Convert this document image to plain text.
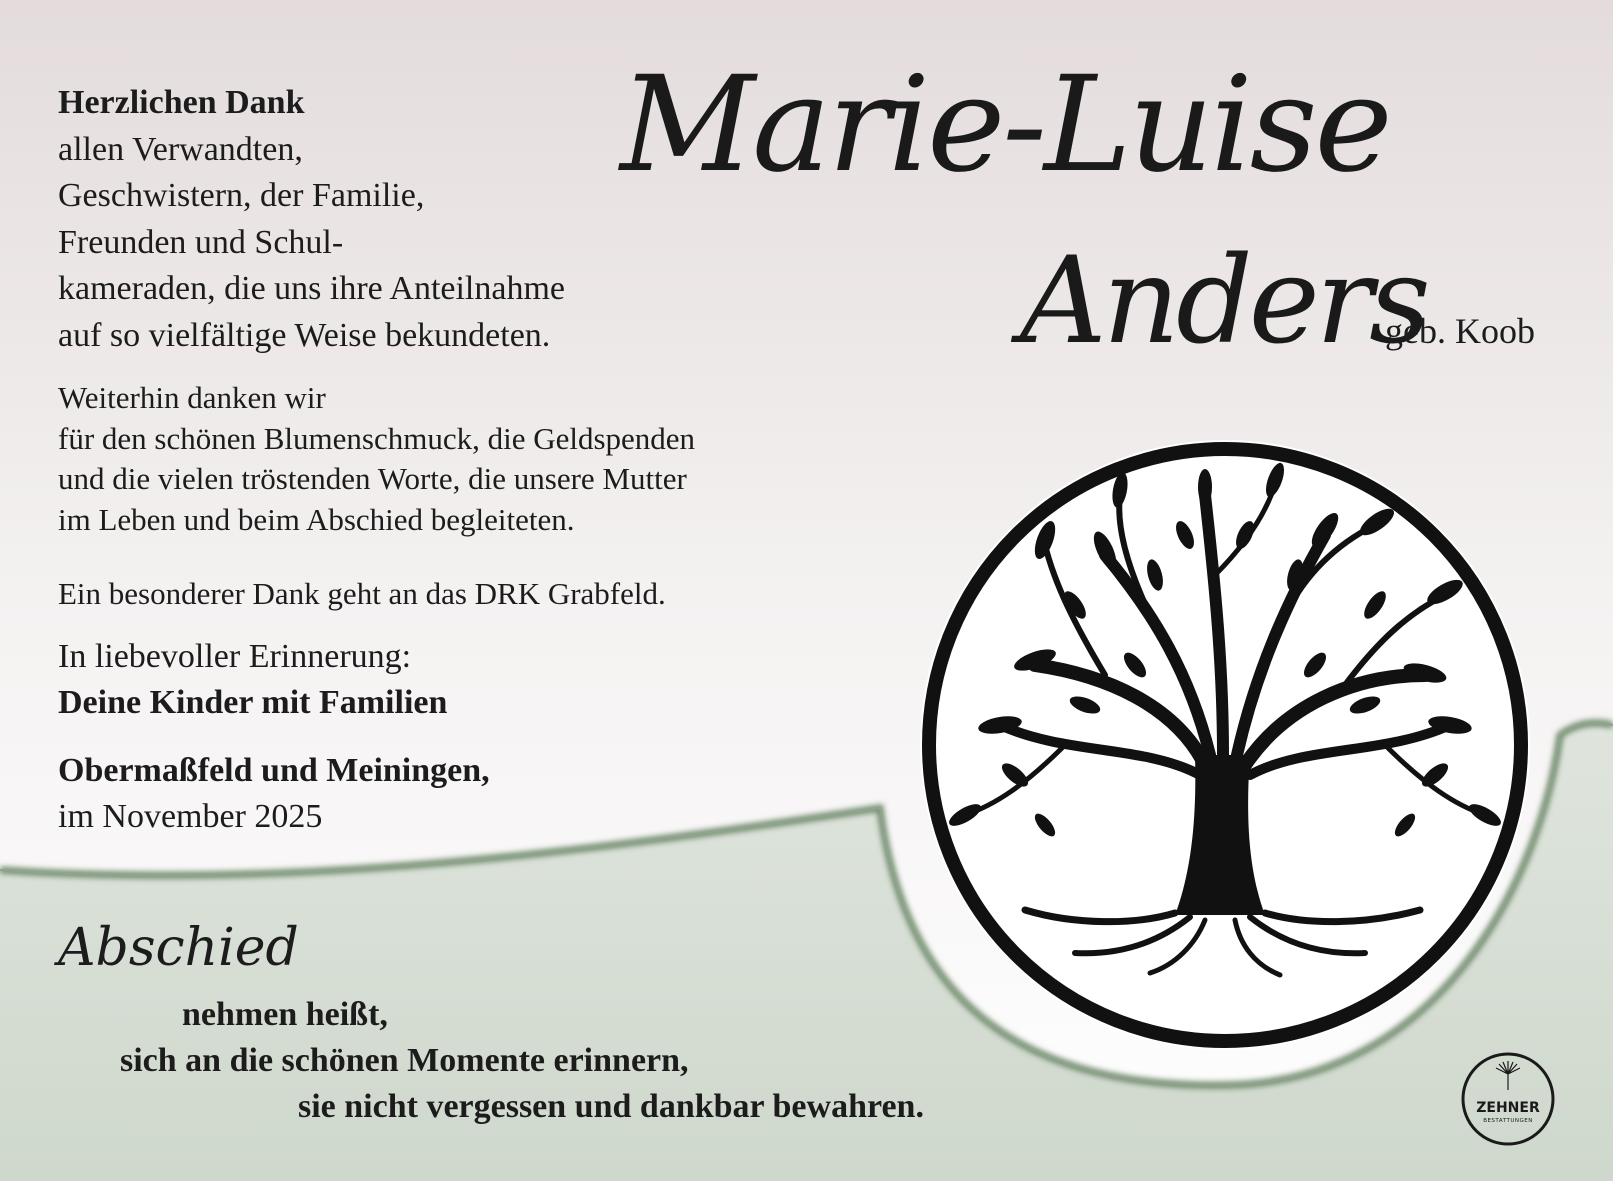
Herzlichen Dank
allen Verwandten,
Geschwistern, der Familie,
Freunden und Schul-
kameraden, die uns ihre Anteilnahme
auf so vielfältige Weise bekundeten.
Weiterhin danken wir
für den schönen Blumenschmuck, die Geldspenden
und die vielen tröstenden Worte, die unsere Mutter
im Leben und beim Abschied begleiteten.
Ein besonderer Dank geht an das DRK Grabfeld.
In liebevoller Erinnerung:
Deine Kinder mit Familien
Obermaßfeld und Meiningen,
im November 2025
Marie-Luise
Anders
geb. Koob
Abschied
nehmen heißt,
sich an die schönen Momente erinnern,
sie nicht vergessen und dankbar bewahren.	ZEHNER
BESTATTUNGEN
